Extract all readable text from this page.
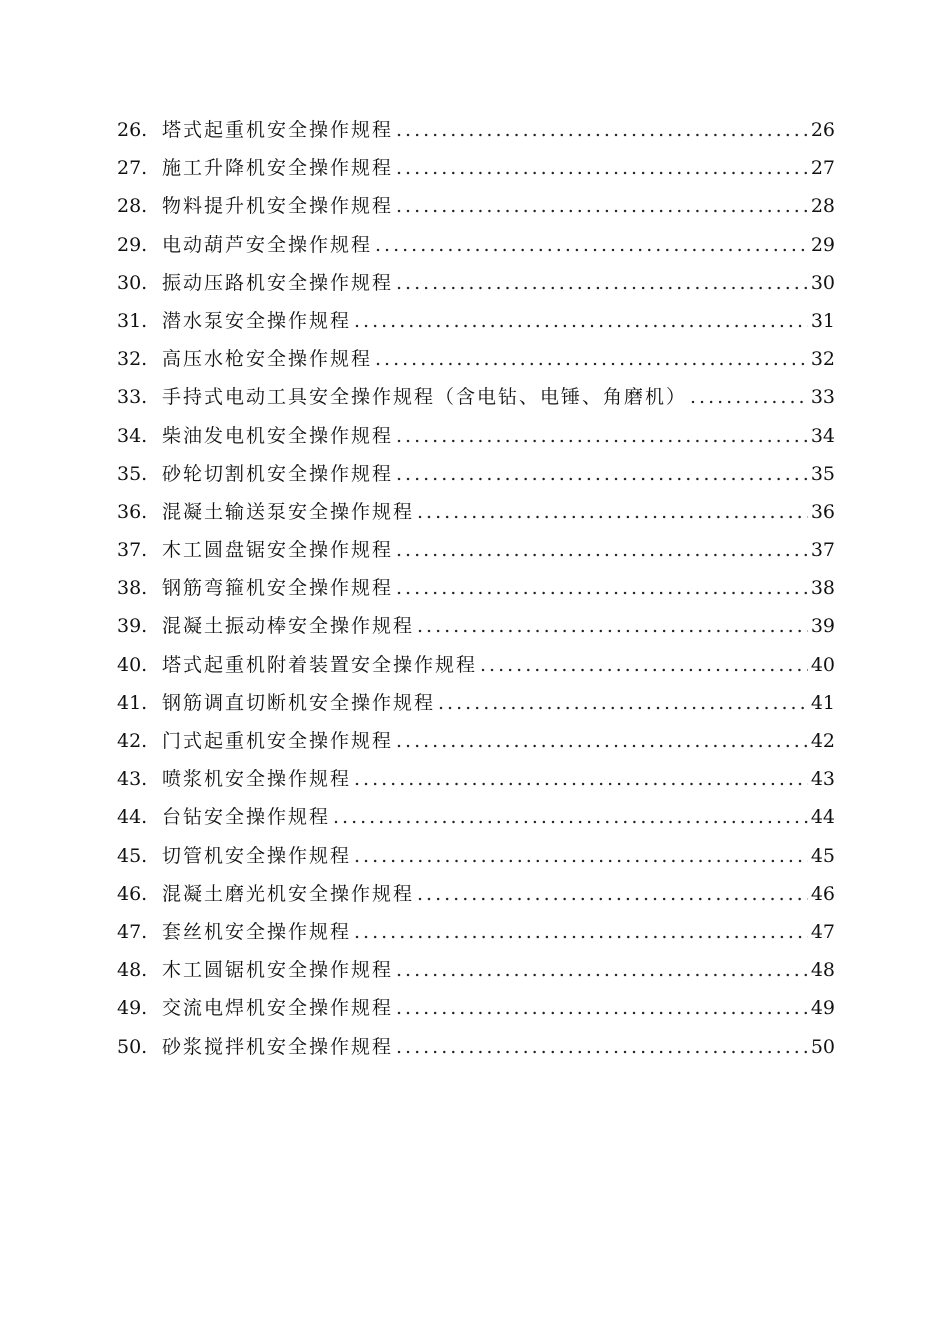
26. 塔式起重机安全操作规程 .....	26
27. 施工升降机安全操作规程 .....	27
28. 物料提升机安全操作规程 .....	28
29. 电动葫芦安全操作规程 .....	29
30. 振动压路机安全操作规程 .....	30
31. 潜水泵安全操作规程 .....	31
32. 高压水枪安全操作规程 .....	32
33. 手持式电动工具安全操作规程（含电钻、电锤、角磨机） .....	33
34. 柴油发电机安全操作规程 .....	34
35. 砂轮切割机安全操作规程 .....	35
36. 混凝土输送泵安全操作规程 .....	36
37. 木工圆盘锯安全操作规程 .....	37
38. 钢筋弯箍机安全操作规程 .....	38
39. 混凝土振动棒安全操作规程 .....	39
40. 塔式起重机附着装置安全操作规程 .....	40
41. 钢筋调直切断机安全操作规程 .....	41
42. 门式起重机安全操作规程 .....	42
43. 喷浆机安全操作规程 .....	43
44. 台钻安全操作规程 .....	44
45. 切管机安全操作规程 .....	45
46. 混凝土磨光机安全操作规程 .....	46
47. 套丝机安全操作规程 .....	47
48. 木工圆锯机安全操作规程 .....	48
49. 交流电焊机安全操作规程 .....	49
50. 砂浆搅拌机安全操作规程 .....	50
